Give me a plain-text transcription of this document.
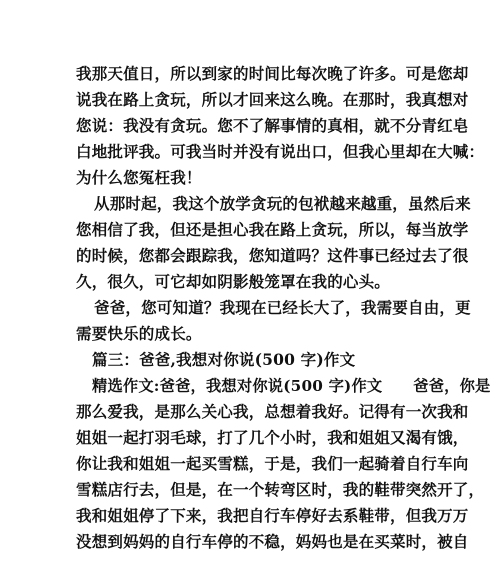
我那天值日，所以到家的时间比每次晚了许多。可是您却
说我在路上贪玩，所以才回来这么晚。在那时，我真想对
您说：我没有贪玩。您不了解事情的真相，就不分青红皂
白地批评我。可我当时并没有说出口，但我心里却在大喊：
为什么您冤枉我！
从那时起，我这个放学贪玩的包袱越来越重，虽然后来
您相信了我，但还是担心我在路上贪玩，所以，每当放学
的时候，您都会跟踪我，您知道吗？这件事已经过去了很
久，很久，可它却如阴影般笼罩在我的心头。
爸爸，您可知道？我现在已经长大了，我需要自由，更
需要快乐的成长。
篇三：爸爸,我想对你说(500 字)作文
精选作文:爸爸，我想对你说(500 字)作文　　爸爸，你是
那么爱我，是那么关心我，总想着我好。记得有一次我和
姐姐一起打羽毛球，打了几个小时，我和姐姐又渴有饿，
你让我和姐姐一起买雪糕，于是，我们一起骑着自行车向
雪糕店行去，但是，在一个转弯区时，我的鞋带突然开了，
我和姐姐停了下来，我把自行车停好去系鞋带，但我万万
没想到妈妈的自行车停的不稳，妈妈也是在买菜时，被自
